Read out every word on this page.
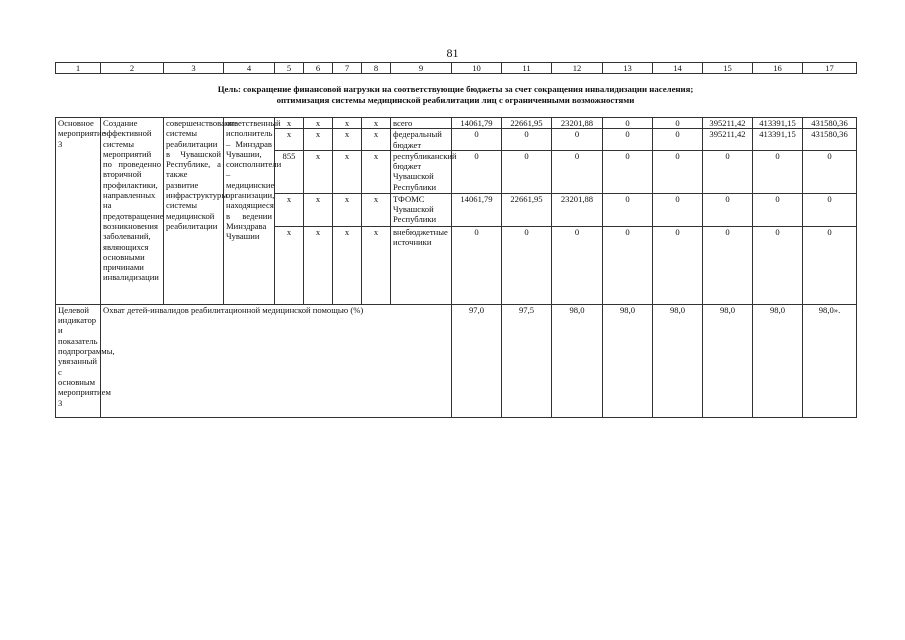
81
1	2	3	4	5	6	7	8	9	10	11	12	13	14	15	16	17
Цель: сокращение финансовой нагрузки на соответствующие бюджеты за счет сокращения инвалидизации населения;
оптимизация системы медицинской реабилитации лиц с ограниченными возможностями
Основное мероприятие 3	Создание эффективной системы мероприятий по проведенно вторичной профилактики, направленных на предотвращение возникновения заболеваний, являющихся основными причинами инвалидизации	совершенствование системы реабилитации в Чувашской Республике, а также развитие инфраструктуры системы медицинской реабилитации	ответственный исполнитель – Минздрав Чувашии, соисполнители – медицинские организации, находящиеся в ведении Минздрава Чувашии	x	x	x	x	всего	14061,79	22661,95	23201,88	0	0	395211,42	413391,15	431580,36
				x	x	x	x	федеральный бюджет	0	0	0	0	0	395211,42	413391,15	431580,36
				855	x	x	x	республиканский бюджет Чувашской Республики	0	0	0	0	0	0	0	0
				x	x	x	x	ТФОМС Чувашской Республики	14061,79	22661,95	23201,88	0	0	0	0	0
				x	x	x	x	внебюджетные источники	0	0	0	0	0	0	0	0
Целевой индикатор и показатель подпрограммы, увязанный с основным мероприятием 3	Охват детей-инвалидов реабилитационной медицинской помощью (%)								97,0	97,5	98,0	98,0	98,0	98,0	98,0	98,0».
